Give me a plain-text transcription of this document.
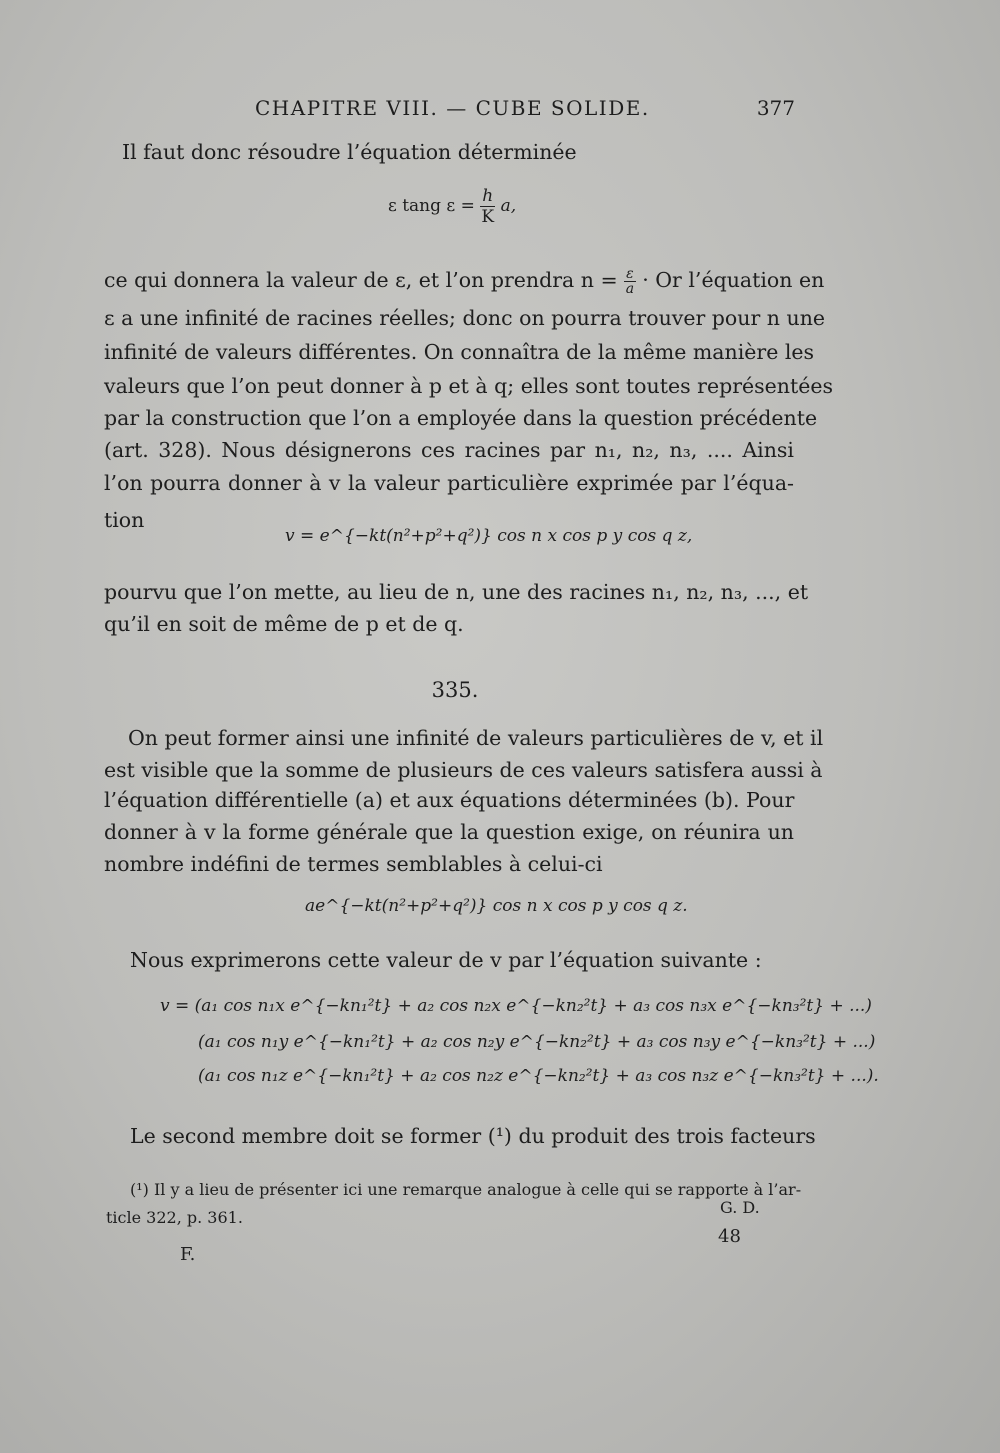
CHAPITRE VIII. — CUBE SOLIDE.	377
Il faut donc résoudre l’équation déterminée
ε tang $\varepsilon = \frac{h}{K} a$,
ce qui donnera la valeur de ε, et l’on prendra $n = \frac{\varepsilon}{a} \cdot Or$ l’équation en
ε a une infinité de racines réelles; donc on pourra trouver pour n une
infinité de valeurs différentes. On connaîtra de la même manière les
valeurs que l’on peut donner à p et à q; elles sont toutes représentées
par la construction que l’on a employée dans la question précédente
(art. 328). Nous désignerons ces racines par n₁, n₂, n₃, .... Ainsi
l’on pourra donner à v la valeur particulière exprimée par l’équa-
tion
v = e^{−kt(n²+p²+q²)} cos n x cos p y cos q z,
pourvu que l’on mette, au lieu de n, une des racines n₁, n₂, n₃, ..., et
qu’il en soit de même de p et de q.
335.
On peut former ainsi une infinité de valeurs particulières de v, et il
est visible que la somme de plusieurs de ces valeurs satisfera aussi à
l’équation différentielle (a) et aux équations déterminées (b). Pour
donner à v la forme générale que la question exige, on réunira un
nombre indéfini de termes semblables à celui-ci
ae^{−kt(n²+p²+q²)} cos n x cos p y cos q z.
Nous exprimerons cette valeur de v par l’équation suivante :
v = (a₁ cos n₁x e^{−kn₁²t} + a₂ cos n₂x e^{−kn₂²t} + a₃ cos n₃x e^{−kn₃²t} + ...)
(a₁ cos n₁y e^{−kn₁²t} + a₂ cos n₂y e^{−kn₂²t} + a₃ cos n₃y e^{−kn₃²t} + ...)
(a₁ cos n₁z e^{−kn₁²t} + a₂ cos n₂z e^{−kn₂²t} + a₃ cos n₃z e^{−kn₃²t} + ...).
Le second membre doit se former (¹) du produit des trois facteurs
(¹) Il y a lieu de présenter ici une remarque analogue à celle qui se rapporte à l’ar-
ticle 322, p. 361.
G. D.
F.
48
